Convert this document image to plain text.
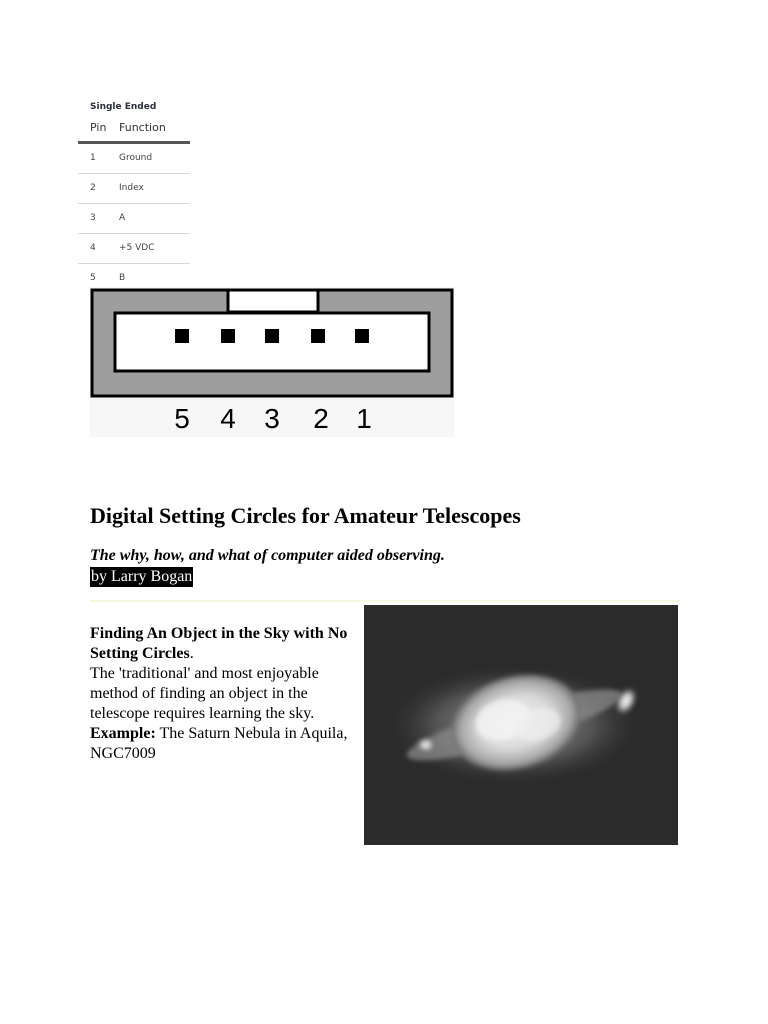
Single Ended
Pin	Function
1	Ground
2	Index
3	A
4	+5 VDC
5	B
5 4 3 2 1
Digital Setting Circles for Amateur Telescopes
The why, how, and what of computer aided observing.
by Larry Bogan
Finding An Object in the Sky with No Setting Circles.
The 'traditional' and most enjoyable method of finding an object in the telescope requires learning the sky. Example: The Saturn Nebula in Aquila, NGC7009
